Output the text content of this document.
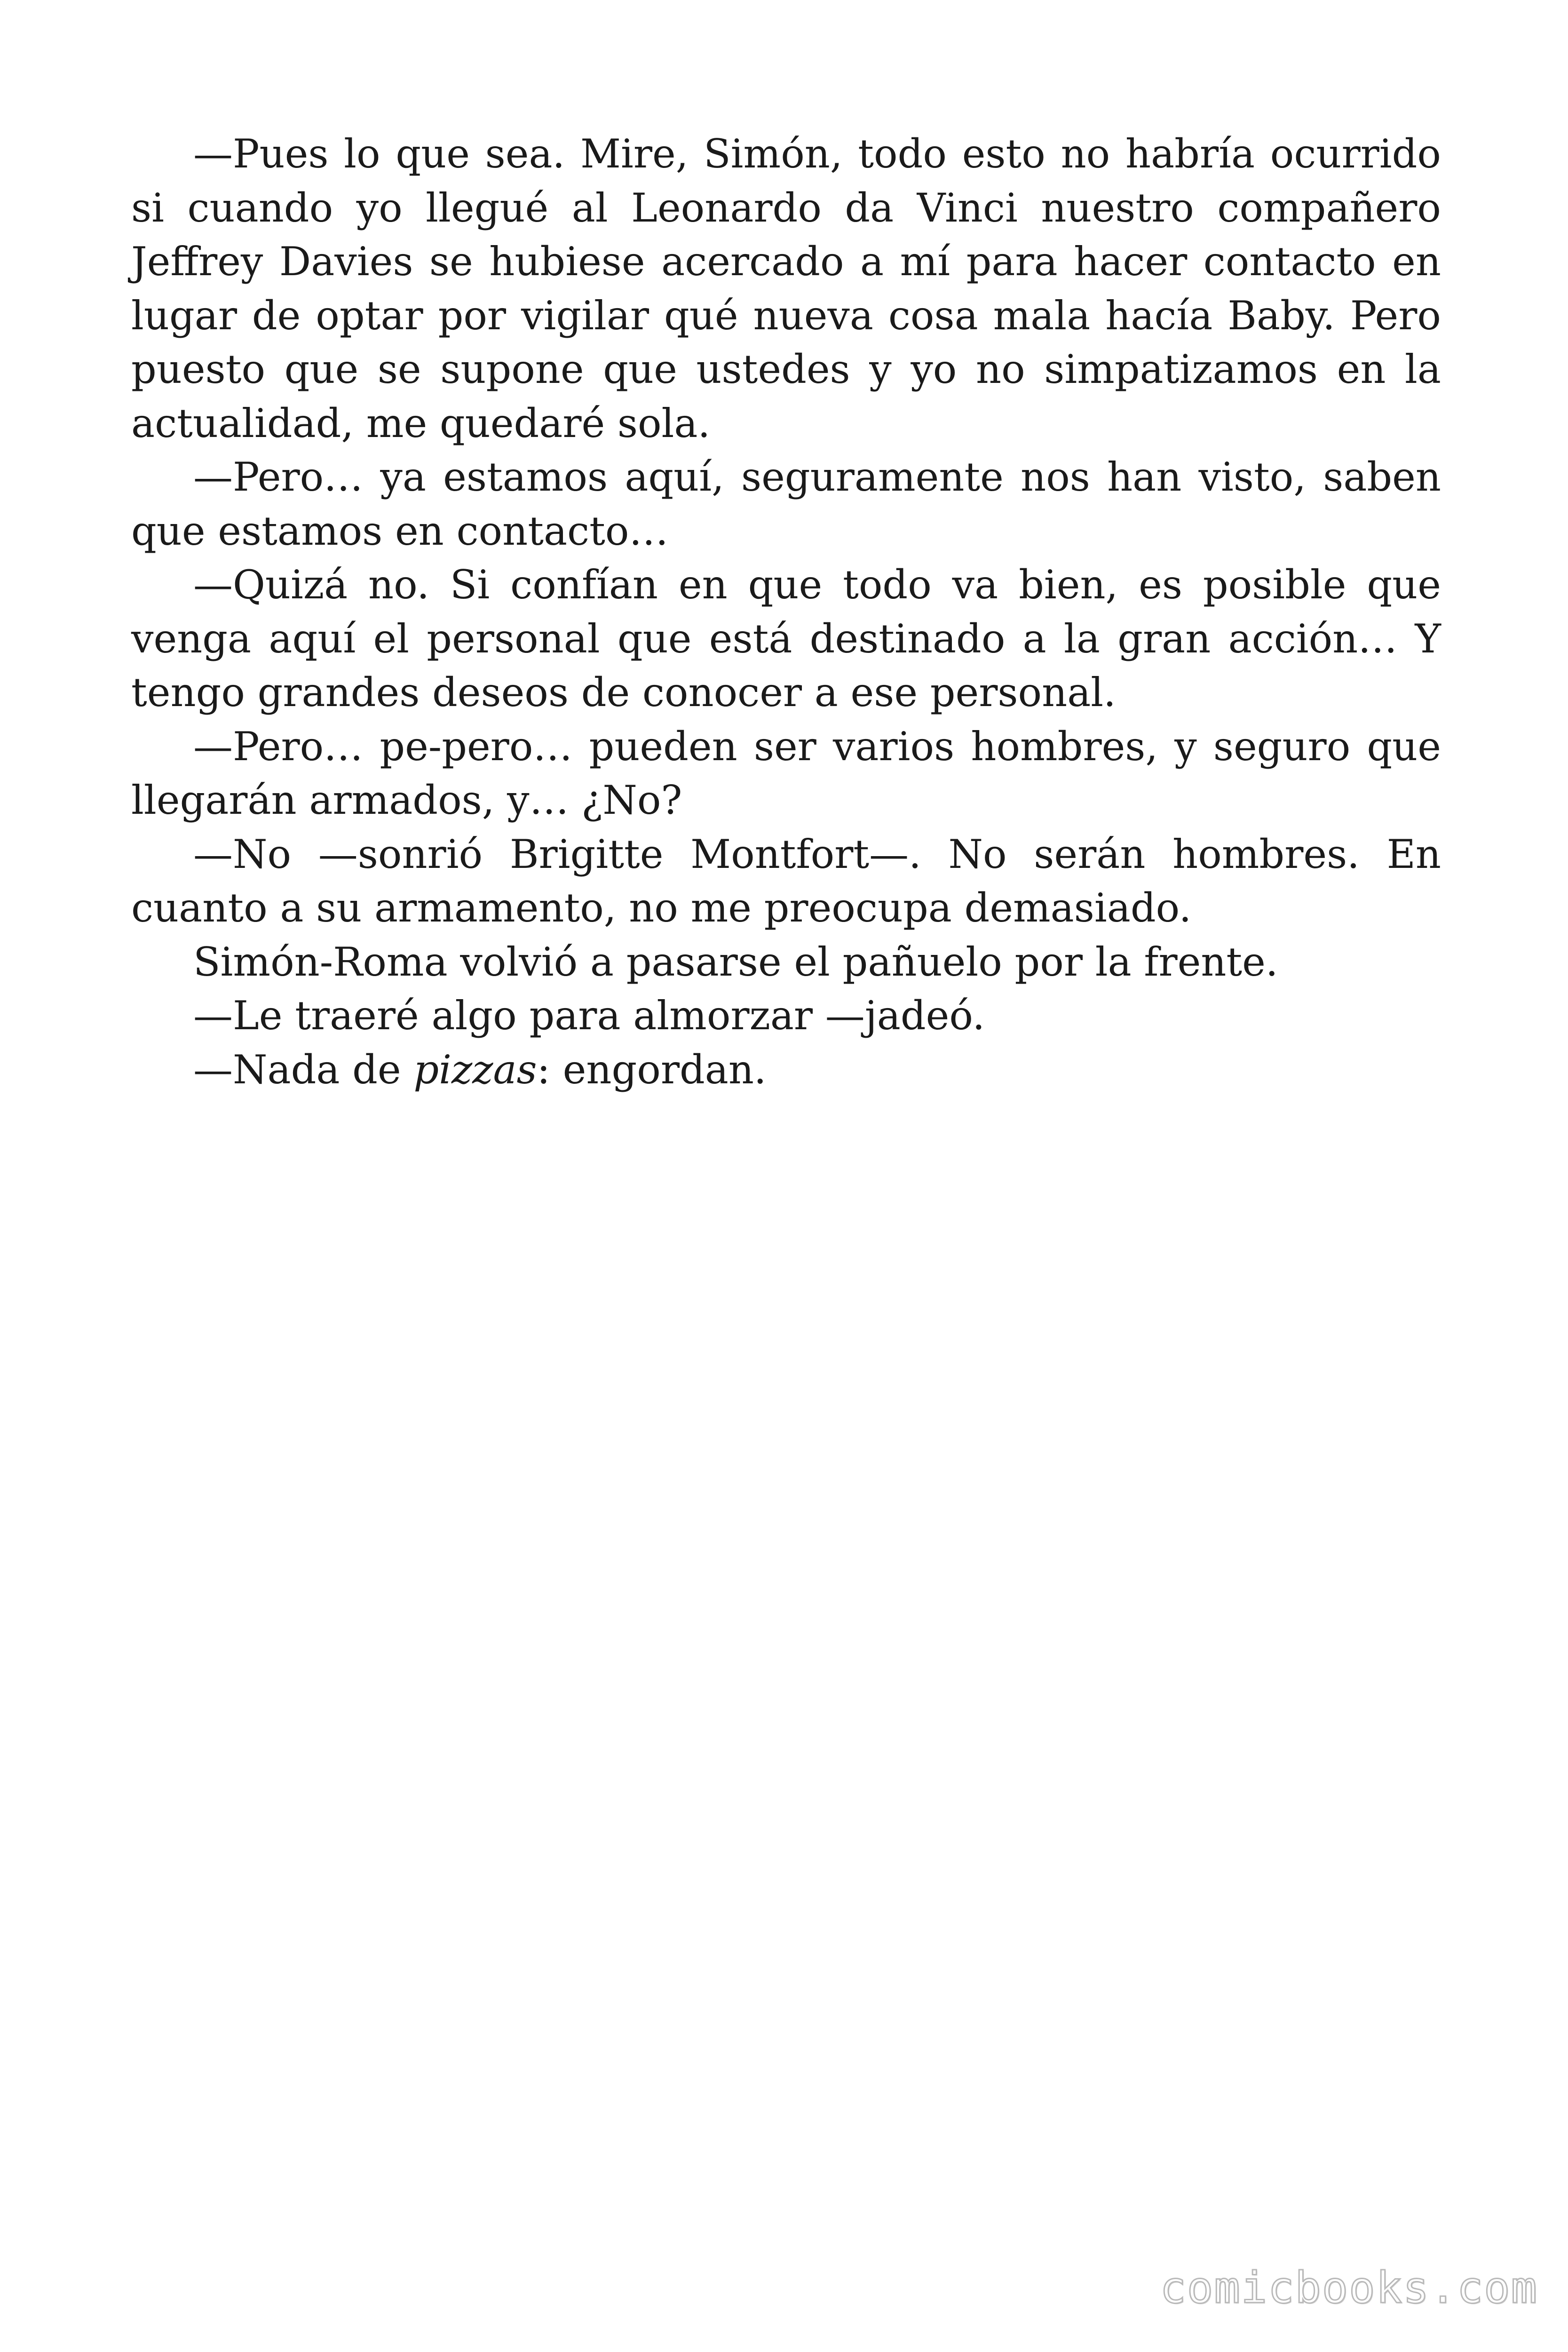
—Pues lo que sea. Mire, Simón, todo esto no habría ocurrido si cuando yo llegué al Leonardo da Vinci nuestro compañero Jeffrey Davies se hubiese acercado a mí para hacer contacto en lugar de optar por vigilar qué nueva cosa mala hacía Baby. Pero puesto que se supone que ustedes y yo no simpatizamos en la actualidad, me quedaré sola.

—Pero… ya estamos aquí, seguramente nos han visto, saben que estamos en contacto…

—Quizá no. Si confían en que todo va bien, es posible que venga aquí el personal que está destinado a la gran acción… Y tengo grandes deseos de conocer a ese personal.

—Pero… pe-pero… pueden ser varios hombres, y seguro que llegarán armados, y… ¿No?

—No —sonrió Brigitte Montfort—. No serán hombres. En cuanto a su armamento, no me preocupa demasiado.

Simón-Roma volvió a pasarse el pañuelo por la frente.

—Le traeré algo para almorzar —jadeó.

—Nada de pizzas: engordan.

comicbooks.com
